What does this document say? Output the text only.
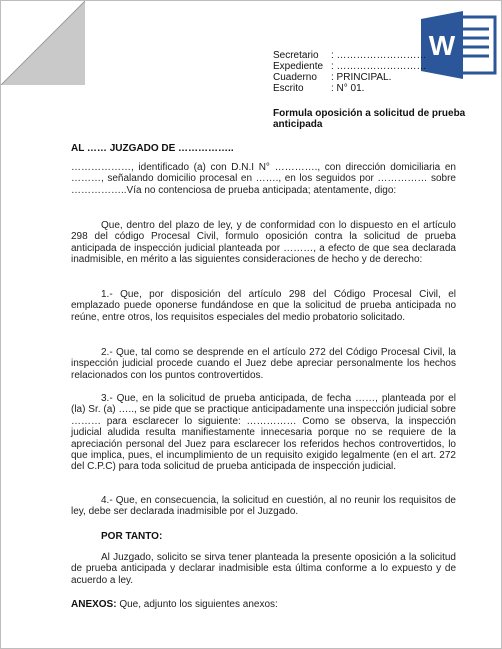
W
Secretario	: ………………………
Expediente : ………………………
Cuaderno	: PRINCIPAL.
Escrito	: N° 01.
Formula oposición a solicitud de prueba anticipada
AL …… JUZGADO DE ……………..

………………, identificado (a) con D.N.I N° …………., con dirección domiciliaria en ………, señalando domicilio procesal en ……., en los seguidos por …………… sobre ……………..Vía no contenciosa de prueba anticipada; atentamente, digo:

Que, dentro del plazo de ley, y de conformidad con lo dispuesto en el artículo 298 del código Procesal Civil, formulo oposición contra la solicitud de prueba anticipada de inspección judicial planteada por ………, a efecto de que sea declarada inadmisible, en mérito a las siguientes consideraciones de hecho y de derecho:

1.- Que, por disposición del artículo 298 del Código Procesal Civil, el emplazado puede oponerse fundándose en que la solicitud de prueba anticipada no reúne, entre otros, los requisitos especiales del medio probatorio solicitado.

2.- Que, tal como se desprende en el artículo 272 del Código Procesal Civil, la inspección judicial procede cuando el Juez debe apreciar personalmente los hechos relacionados con los puntos controvertidos.

3.- Que, en la solicitud de prueba anticipada, de fecha ……, planteada por el (la) Sr. (a) ….., se pide que se practique anticipadamente una inspección judicial sobre ……… para esclarecer lo siguiente: …………… Como se observa, la inspección judicial aludida resulta manifiestamente innecesaria porque no se requiere de la apreciación personal del Juez para esclarecer los referidos hechos controvertidos, lo que implica, pues, el incumplimiento de un requisito exigido legalmente (en el art. 272 del C.P.C) para toda solicitud de prueba anticipada de inspección judicial.

4.- Que, en consecuencia, la solicitud en cuestión, al no reunir los requisitos de ley, debe ser declarada inadmisible por el Juzgado.

POR TANTO:

Al Juzgado, solicito se sirva tener planteada la presente oposición a la solicitud de prueba anticipada y declarar inadmisible esta última conforme a lo expuesto y de acuerdo a ley.

ANEXOS: Que, adjunto los siguientes anexos:
